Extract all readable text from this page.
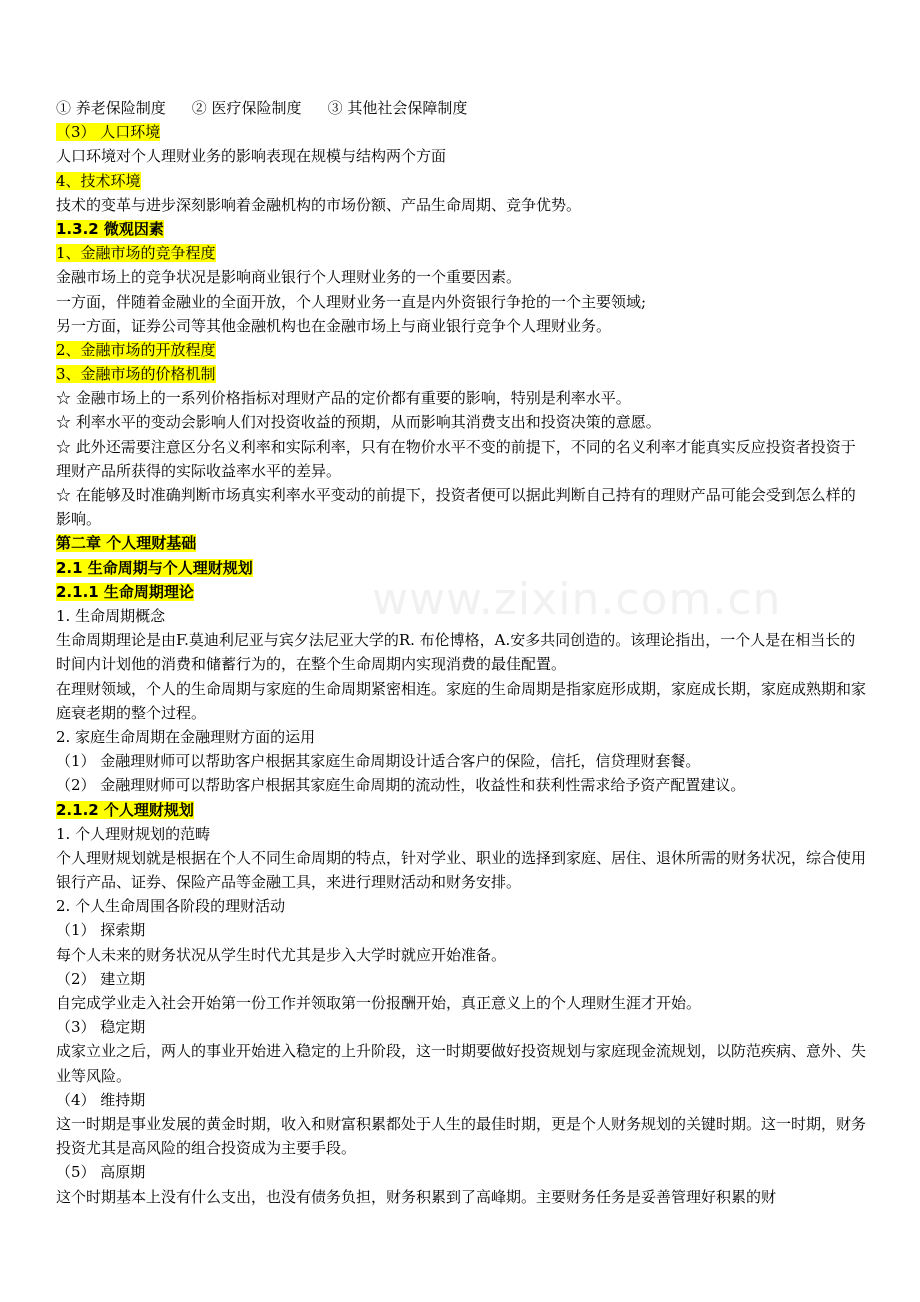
www.zixin.com.cn
① 养老保险制度 ② 医疗保险制度 ③ 其他社会保障制度
（3） 人口环境
人口环境对个人理财业务的影响表现在规模与结构两个方面
4、技术环境
技术的变革与进步深刻影响着金融机构的市场份额、产品生命周期、竞争优势。
1.3.2 微观因素
1、金融市场的竞争程度
金融市场上的竞争状况是影响商业银行个人理财业务的一个重要因素。
一方面，伴随着金融业的全面开放，个人理财业务一直是内外资银行争抢的一个主要领域;
另一方面，证券公司等其他金融机构也在金融市场上与商业银行竞争个人理财业务。
2、金融市场的开放程度
3、金融市场的价格机制
☆ 金融市场上的一系列价格指标对理财产品的定价都有重要的影响，特别是利率水平。
☆ 利率水平的变动会影响人们对投资收益的预期，从而影响其消费支出和投资决策的意愿。
☆ 此外还需要注意区分名义利率和实际利率，只有在物价水平不变的前提下，不同的名义利率才能真实反应投资者投资于理财产品所获得的实际收益率水平的差异。
☆ 在能够及时准确判断市场真实利率水平变动的前提下，投资者便可以据此判断自己持有的理财产品可能会受到怎么样的影响。
第二章 个人理财基础
2.1 生命周期与个人理财规划
2.1.1 生命周期理论
1. 生命周期概念
生命周期理论是由F.莫迪利尼亚与宾夕法尼亚大学的R. 布伦博格，A.安多共同创造的。该理论指出，一个人是在相当长的时间内计划他的消费和储蓄行为的，在整个生命周期内实现消费的最佳配置。
在理财领域，个人的生命周期与家庭的生命周期紧密相连。家庭的生命周期是指家庭形成期，家庭成长期，家庭成熟期和家庭衰老期的整个过程。
2. 家庭生命周期在金融理财方面的运用
（1） 金融理财师可以帮助客户根据其家庭生命周期设计适合客户的保险，信托，信贷理财套餐。
（2） 金融理财师可以帮助客户根据其家庭生命周期的流动性，收益性和获利性需求给予资产配置建议。
2.1.2 个人理财规划
1. 个人理财规划的范畴
个人理财规划就是根据在个人不同生命周期的特点，针对学业、职业的选择到家庭、居住、退休所需的财务状况，综合使用银行产品、证券、保险产品等金融工具，来进行理财活动和财务安排。
2. 个人生命周围各阶段的理财活动
（1） 探索期
每个人未来的财务状况从学生时代尤其是步入大学时就应开始准备。
（2） 建立期
自完成学业走入社会开始第一份工作并领取第一份报酬开始，真正意义上的个人理财生涯才开始。
（3） 稳定期
成家立业之后，两人的事业开始进入稳定的上升阶段，这一时期要做好投资规划与家庭现金流规划，以防范疾病、意外、失业等风险。
（4） 维持期
这一时期是事业发展的黄金时期，收入和财富积累都处于人生的最佳时期，更是个人财务规划的关键时期。这一时期，财务投资尤其是高风险的组合投资成为主要手段。
（5） 高原期
这个时期基本上没有什么支出，也没有债务负担，财务积累到了高峰期。主要财务任务是妥善管理好积累的财
